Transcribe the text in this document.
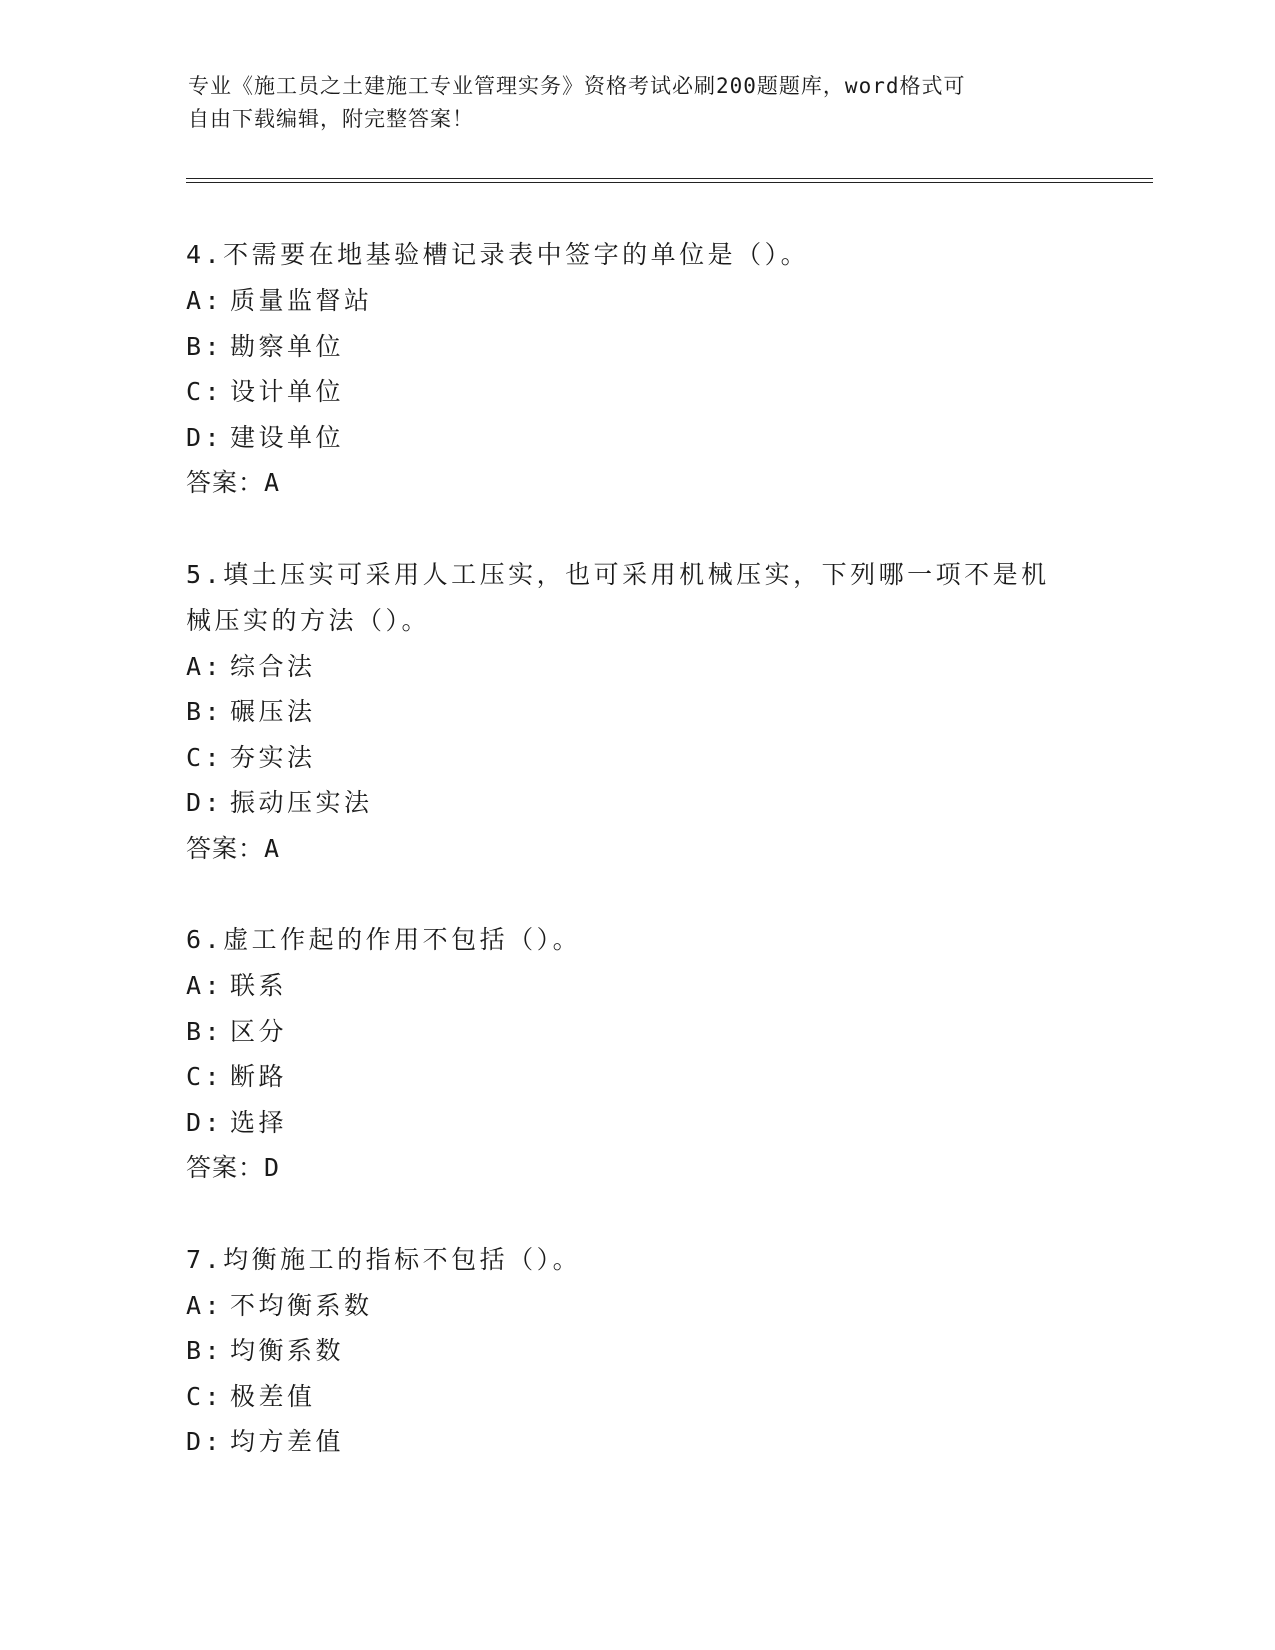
专业《施工员之土建施工专业管理实务》资格考试必刷200题题库，word格式可
自由下载编辑，附完整答案！

4.不需要在地基验槽记录表中签字的单位是（）。

A: 质量监督站

B: 勘察单位

C: 设计单位

D: 建设单位

答案：A

5.填土压实可采用人工压实，也可采用机械压实，下列哪一项不是机

械压实的方法（）。

A: 综合法

B: 碾压法

C: 夯实法

D: 振动压实法

答案：A

6.虚工作起的作用不包括（）。

A: 联系

B: 区分

C: 断路

D: 选择

答案：D

7.均衡施工的指标不包括（）。

A: 不均衡系数

B: 均衡系数

C: 极差值

D: 均方差值
